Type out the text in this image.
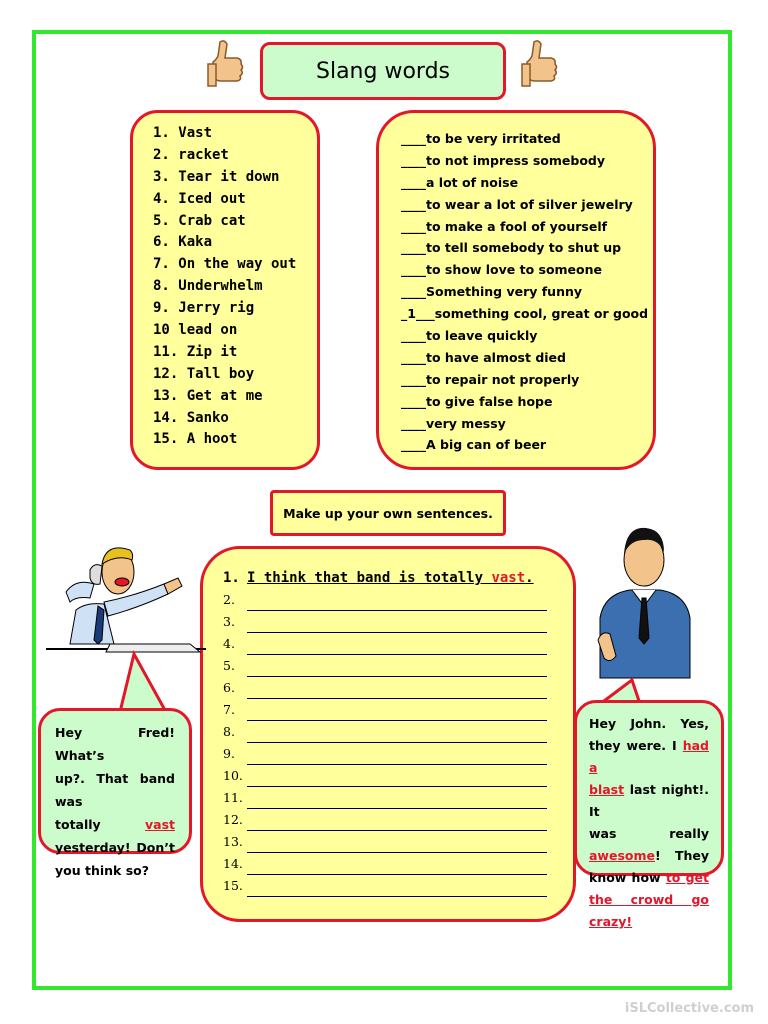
Slang words
1. Vast
2. racket
3. Tear it down
4. Iced out
5. Crab cat
6. Kaka
7. On the way out
8. Underwhelm
9. Jerry rig
10 lead on
11. Zip it
12. Tall boy
13. Get at me
14. Sanko
15. A hoot
____to be very irritated
____to not impress somebody
____a lot of noise
____to wear a lot of silver jewelry
____to make a fool of yourself
____to tell somebody to shut up
____to show love to someone
____Something very funny
_1___something cool, great or good
____to leave quickly
____to have almost died
____to repair not properly
____to give false hope
____very messy
____A big can of beer
Make up your own sentences.
1. I think that band is totally vast.
2.
3.
4.
5.
6.
7.
8.
9.
10.
11.
12.
13.
14.
15.
Hey Fred! What’s
up?. That band was
totally	vast
yesterday! Don’t
you think so?
Hey John. Yes,
they were. I had a
blast last night!. It
was	really
awesome! They
know how to get
the crowd go crazy!
iSLCollective.com
